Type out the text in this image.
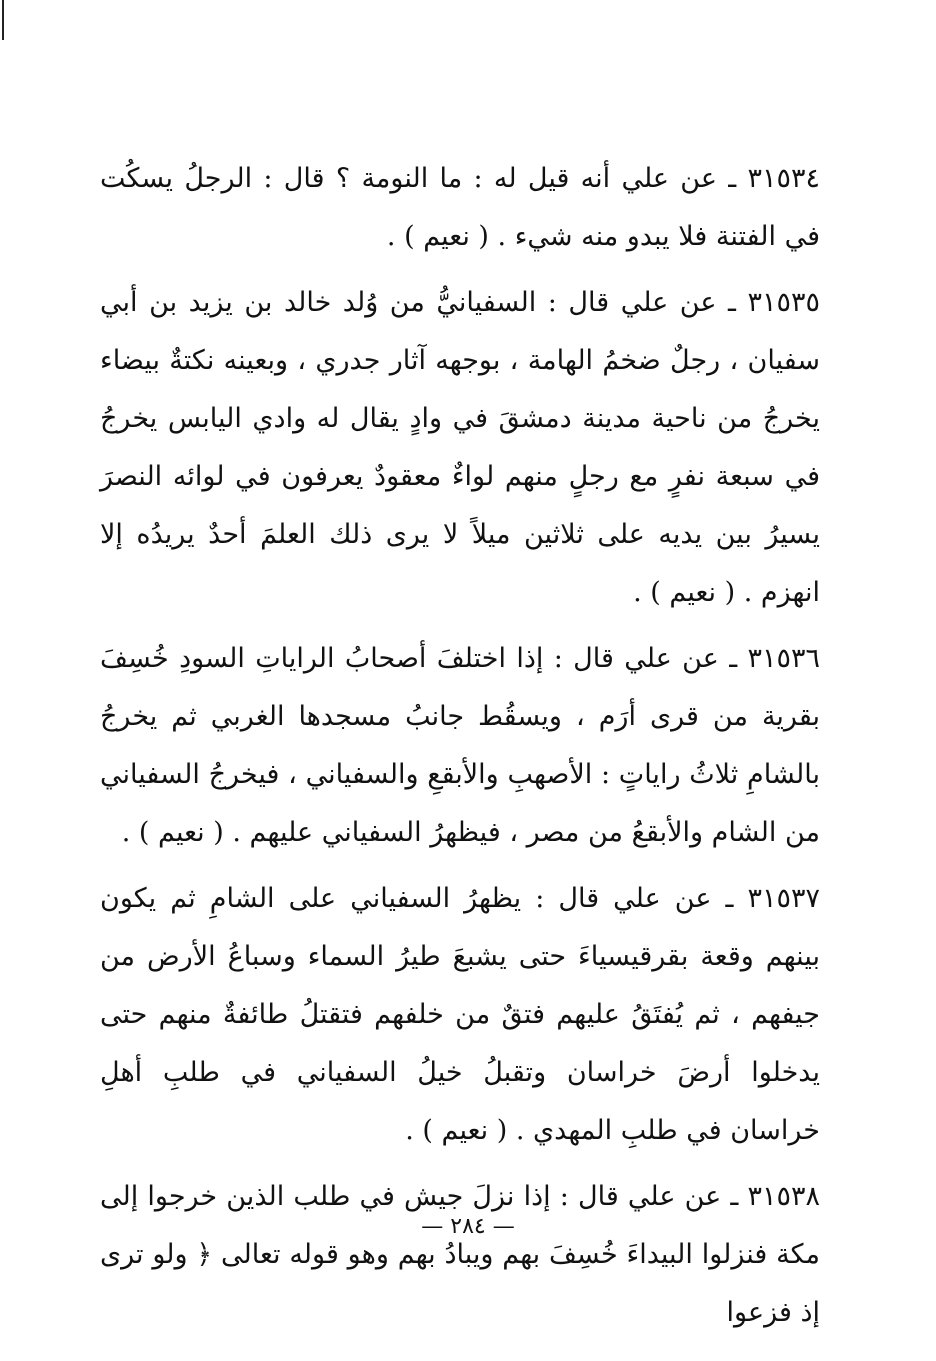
٣١٥٣٤ ـ عن علي أنه قيل له : ما النومة ؟ قال : الرجلُ يسكُت في الفتنة فلا يبدو منه شيء . ( نعيم ) .

٣١٥٣٥ ـ عن علي قال : السفيانيُّ من وُلد خالد بن يزيد بن أبي سفيان ، رجلٌ ضخمُ الهامة ، بوجهه آثار جدري ، وبعينه نكتةٌ بيضاء يخرجُ من ناحية مدينة دمشقَ في وادٍ يقال له وادي اليابس يخرجُ في سبعة نفرٍ مع رجلٍ منهم لواءٌ معقودٌ يعرفون في لوائه النصرَ يسيرُ بين يديه على ثلاثين ميلاً لا يرى ذلك العلمَ أحدٌ يريدُه إلا انهزم . ( نعيم ) .

٣١٥٣٦ ـ عن علي قال : إذا اختلفَ أصحابُ الراياتِ السودِ خُسِفَ بقرية من قرى أرَم ، ويسقُط جانبُ مسجدها الغربي ثم يخرجُ بالشامِ ثلاثُ راياتٍ : الأصهبِ والأبقعِ والسفياني ، فيخرجُ السفياني من الشام والأبقعُ من مصر ، فيظهرُ السفياني عليهم . ( نعيم ) .

٣١٥٣٧ ـ عن علي قال : يظهرُ السفياني على الشامِ ثم يكون بينهم وقعة بقرقيسياءَ حتى يشبعَ طيرُ السماء وسباعُ الأرض من جيفهم ، ثم يُفتَقُ عليهم فتقٌ من خلفهم فتقتلُ طائفةٌ منهم حتى يدخلوا أرضَ خراسان وتقبلُ خيلُ السفياني في طلبِ أهلِ خراسان في طلبِ المهدي . ( نعيم ) .

٣١٥٣٨ ـ عن علي قال : إذا نزلَ جيش في طلب الذين خرجوا إلى مكة فنزلوا البيداءَ خُسِفَ بهم ويبادُ بهم وهو قوله تعالى ﴿ ولو ترى إذ فزعوا

— ٢٨٤ —
